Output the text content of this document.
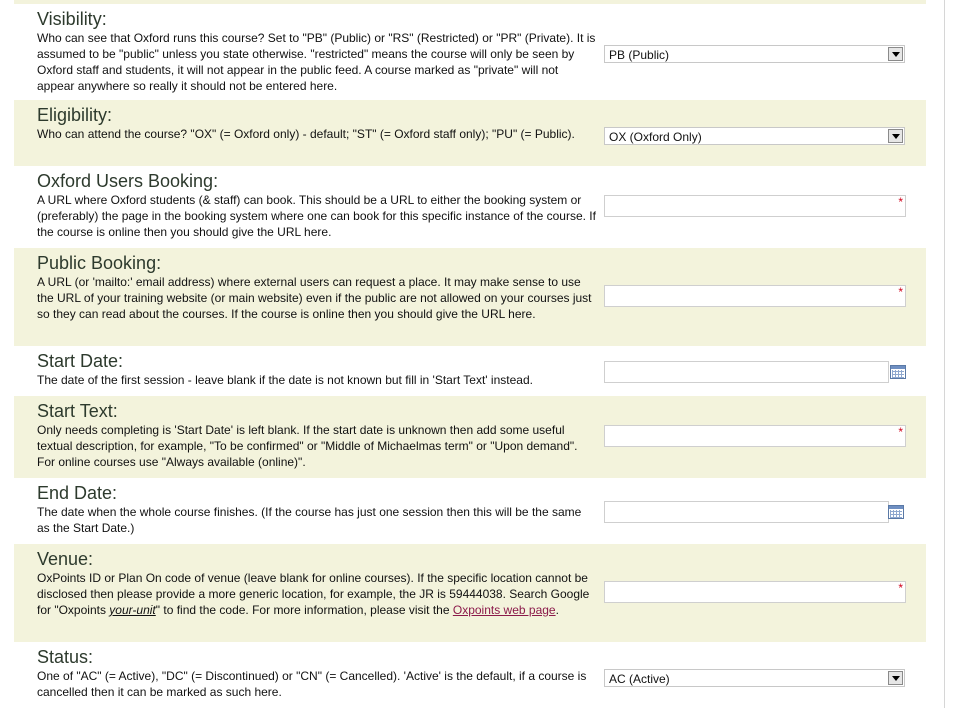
Visibility:

Who can see that Oxford runs this course? Set to "PB" (Public) or "RS" (Restricted) or "PR" (Private). It is assumed to be "public" unless you state otherwise. "restricted" means the course will only be seen by Oxford staff and students, it will not appear in the public feed. A course marked as "private" will not appear anywhere so really it should not be entered here.

PB (Public)

Eligibility:

Who can attend the course? "OX" (= Oxford only) - default; "ST" (= Oxford staff only); "PU" (= Public).	OX (Oxford Only)

Oxford Users Booking:

A URL where Oxford students (& staff) can book. This should be a URL to either the booking system or (preferably) the page in the booking system where one can book for this specific instance of the course. If the course is online then you should give the URL here.

*

Public Booking:

A URL (or 'mailto:' email address) where external users can request a place. It may make sense to use the URL of your training website (or main website) even if the public are not allowed on your courses just so they can read about the courses. If the course is online then you should give the URL here.

*

Start Date:

The date of the first session - leave blank if the date is not known but fill in 'Start Text' instead.

Start Text:

Only needs completing is 'Start Date' is left blank. If the start date is unknown then add some useful textual description, for example, "To be confirmed" or "Middle of Michaelmas term" or "Upon demand". For online courses use "Always available (online)".

*

End Date:

The date when the whole course finishes. (If the course has just one session then this will be the same as the Start Date.)

Venue:

OxPoints ID or Plan On code of venue (leave blank for online courses). If the specific location cannot be disclosed then please provide a more generic location, for example, the JR is 59444038. Search Google for "Oxpoints your-unit" to find the code. For more information, please visit the Oxpoints web page.

*

Status:

One of "AC" (= Active), "DC" (= Discontinued) or "CN" (= Cancelled). 'Active' is the default, if a course is cancelled then it can be marked as such here.

AC (Active)
